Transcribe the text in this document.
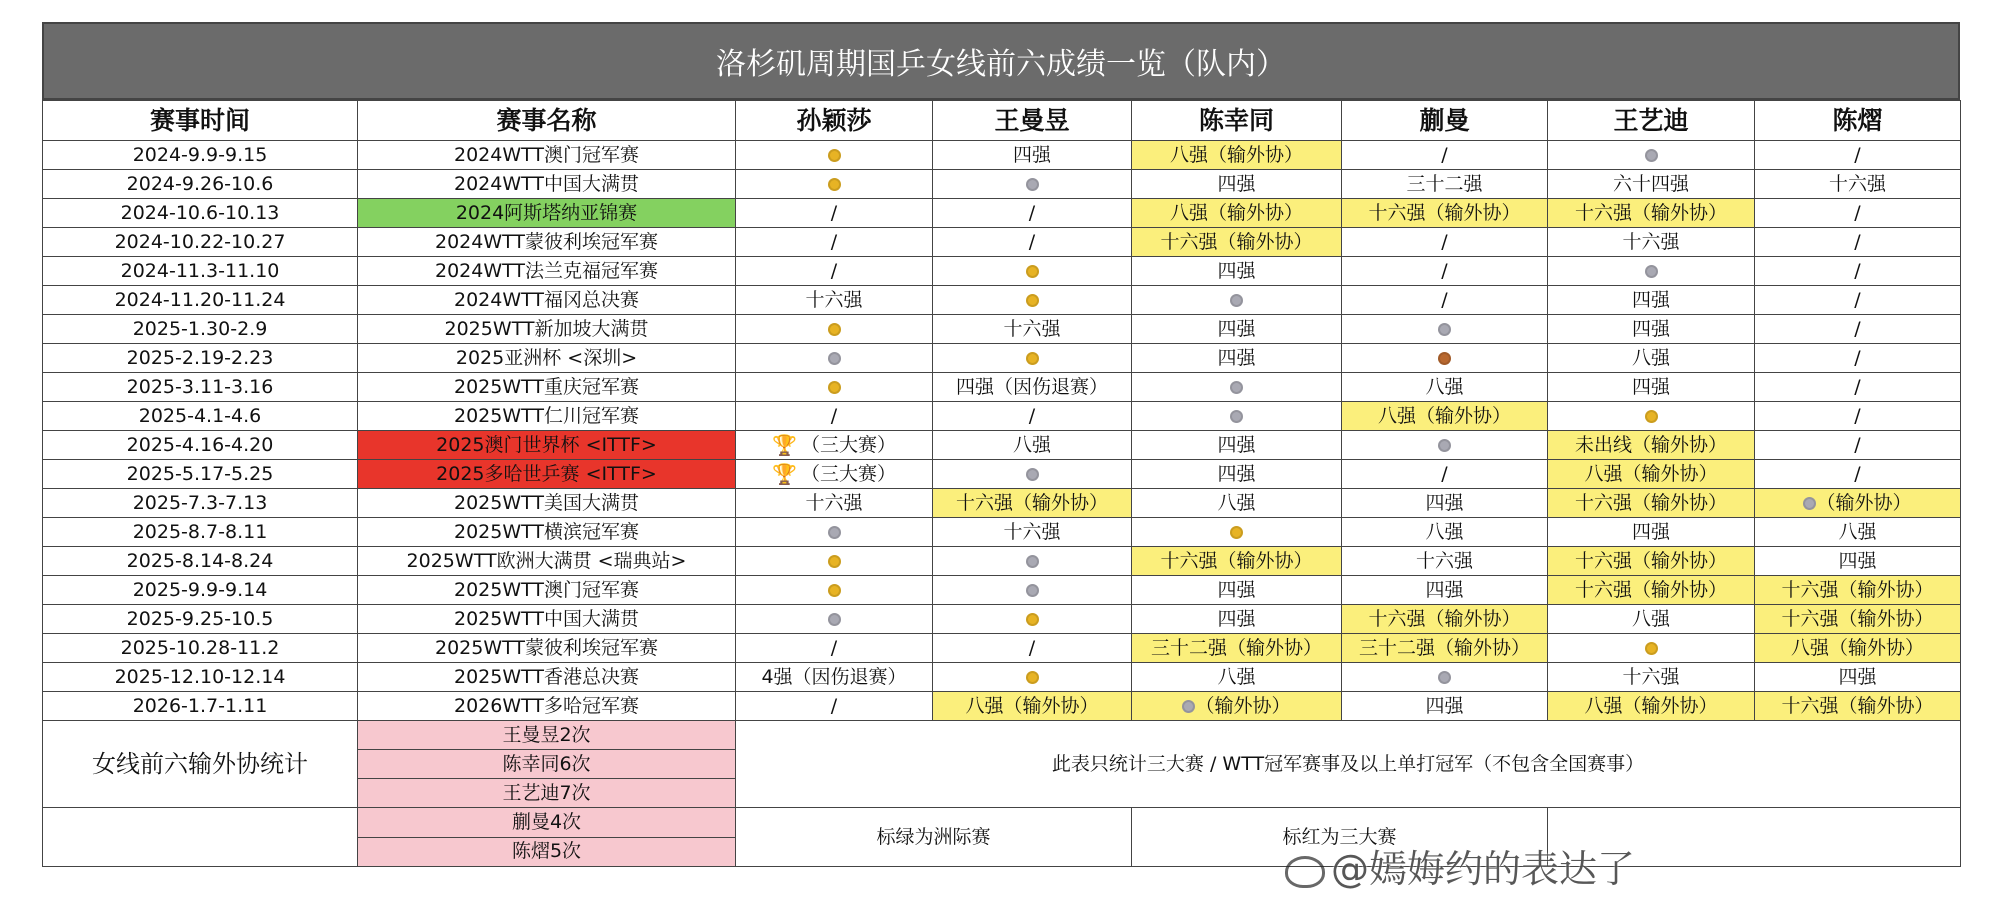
洛杉矶周期国乒女线前六成绩一览（队内）
赛事时间	赛事名称	孙颖莎	王曼昱	陈幸同	蒯曼	王艺迪	陈熠
2024-9.9-9.15	2024WTT澳门冠军赛		四强	八强（输外协）	/		/
2024-9.26-10.6	2024WTT中国大满贯			四强	三十二强	六十四强	十六强
2024-10.6-10.13	2024阿斯塔纳亚锦赛	/	/	八强（输外协）	十六强（输外协）	十六强（输外协）	/
2024-10.22-10.27	2024WTT蒙彼利埃冠军赛	/	/	十六强（输外协）	/	十六强	/
2024-11.3-11.10	2024WTT法兰克福冠军赛	/		四强	/		/
2024-11.20-11.24	2024WTT福冈总决赛	十六强			/	四强	/
2025-1.30-2.9	2025WTT新加坡大满贯		十六强	四强		四强	/
2025-2.19-2.23	2025亚洲杯 <深圳>			四强		八强	/
2025-3.11-3.16	2025WTT重庆冠军赛		四强（因伤退赛）		八强	四强	/
2025-4.1-4.6	2025WTT仁川冠军赛	/	/		八强（输外协）		/
2025-4.16-4.20	2025澳门世界杯 <ITTF>	🏆 （三大赛）	八强	四强		未出线（输外协）	/
2025-5.17-5.25	2025多哈世乒赛 <ITTF>	🏆 （三大赛）		四强	/	八强（输外协）	/
2025-7.3-7.13	2025WTT美国大满贯	十六强	十六强（输外协）	八强	四强	十六强（输外协）	（输外协）
2025-8.7-8.11	2025WTT横滨冠军赛		十六强		八强	四强	八强
2025-8.14-8.24	2025WTT欧洲大满贯 <瑞典站>			十六强（输外协）	十六强	十六强（输外协）	四强
2025-9.9-9.14	2025WTT澳门冠军赛			四强	四强	十六强（输外协）	十六强（输外协）
2025-9.25-10.5	2025WTT中国大满贯			四强	十六强（输外协）	八强	十六强（输外协）
2025-10.28-11.2	2025WTT蒙彼利埃冠军赛	/	/	三十二强（输外协）	三十二强（输外协）		八强（输外协）
2025-12.10-12.14	2025WTT香港总决赛	4强（因伤退赛）		八强		十六强	四强
2026-1.7-1.11	2026WTT多哈冠军赛	/	八强（输外协）	（输外协）	四强	八强（输外协）	十六强（输外协）
女线前六输外协统计	王曼昱2次	此表只统计三大赛 / WTT冠军赛事及以上单打冠军（不包含全国赛事）					
	陈幸同6次						
	王艺迪7次						
	蒯曼4次	标绿为洲际赛		标红为三大赛			
	陈熠5次							@嫣娒约的表达了
